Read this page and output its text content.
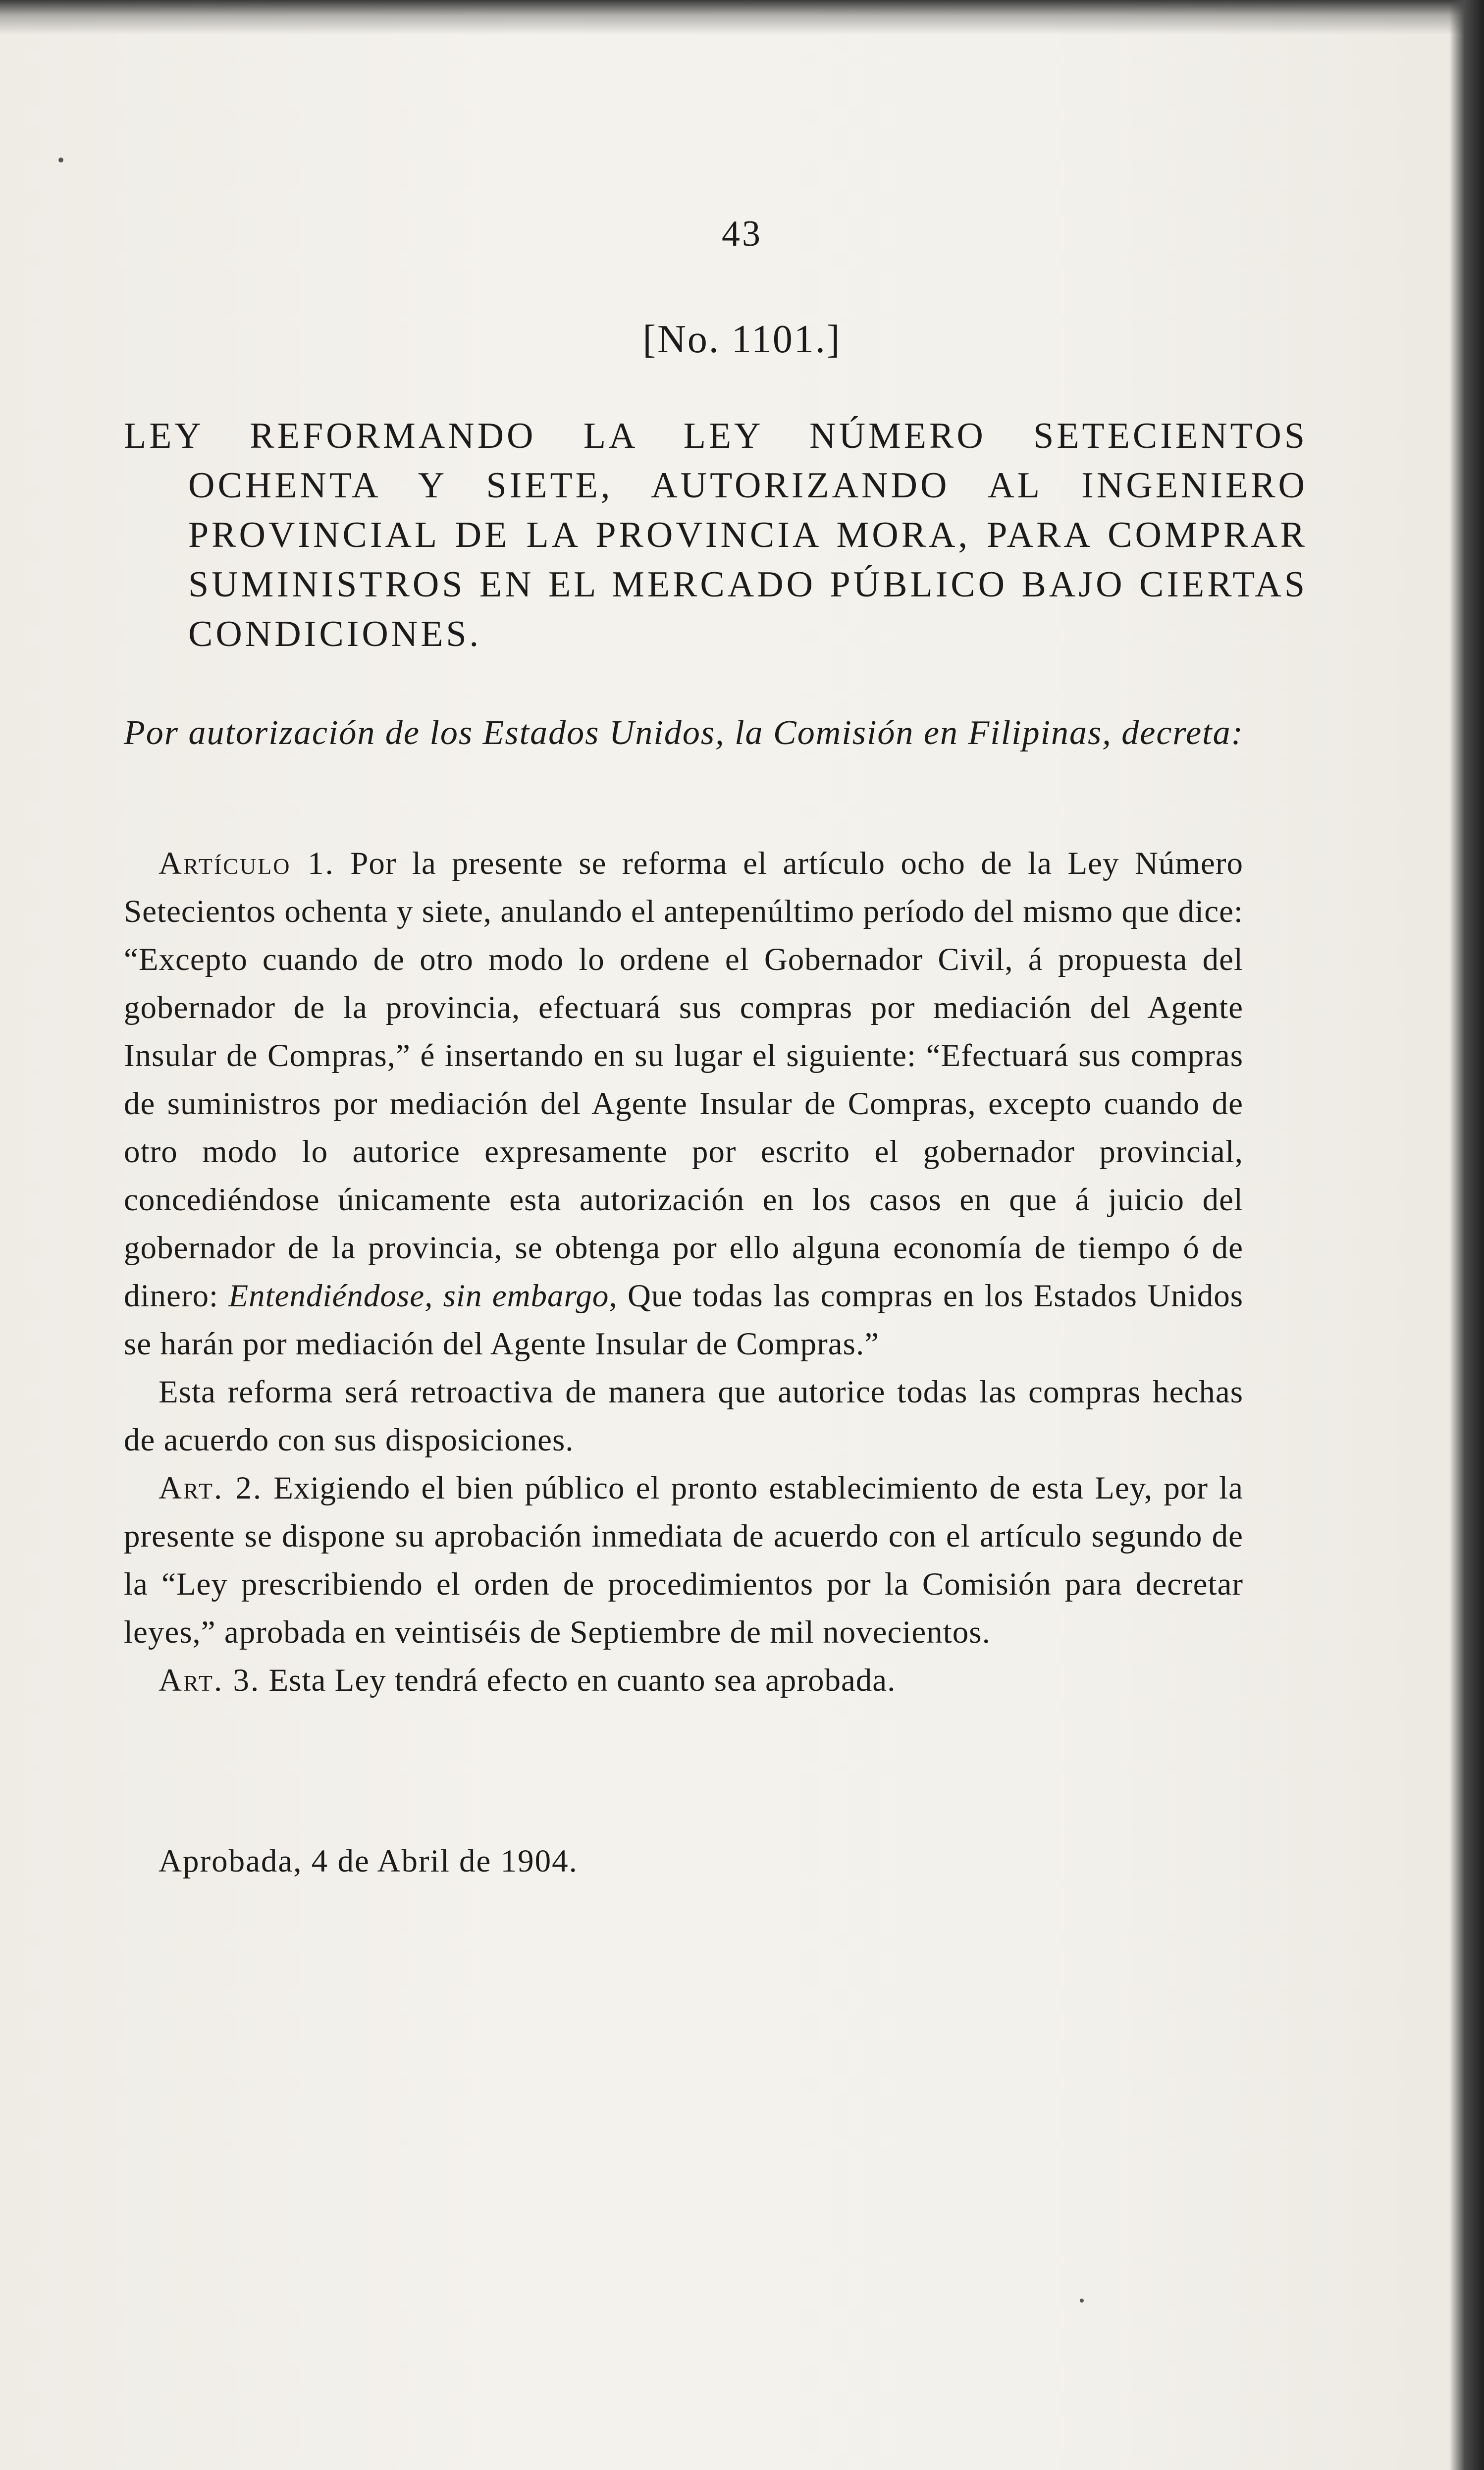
43
[No. 1101.]
LEY REFORMANDO LA LEY NÚMERO SETECIENTOS OCHENTA Y SIETE, AUTORIZANDO AL INGENIERO PROVINCIAL DE LA PROVINCIA MORA, PARA COMPRAR SUMINISTROS EN EL MERCADO PÚBLICO BAJO CIERTAS CONDICIONES.
Por autorización de los Estados Unidos, la Comisión en Filipinas, decreta:

Artículo 1. Por la presente se reforma el artículo ocho de la Ley Número Setecientos ochenta y siete, anulando el antepenúltimo período del mismo que dice: “Excepto cuando de otro modo lo ordene el Gobernador Civil, á propuesta del gobernador de la provincia, efectuará sus compras por mediación del Agente Insular de Compras,” é insertando en su lugar el siguiente: “Efectuará sus compras de suministros por mediación del Agente Insular de Compras, excepto cuando de otro modo lo autorice expresamente por escrito el gobernador provincial, concediéndose únicamente esta autorización en los casos en que á juicio del gobernador de la provincia, se obtenga por ello alguna economía de tiempo ó de dinero: Entendiéndose, sin embargo, Que todas las compras en los Estados Unidos se harán por mediación del Agente Insular de Compras.”

Esta reforma será retroactiva de manera que autorice todas las compras hechas de acuerdo con sus disposiciones.

Art. 2. Exigiendo el bien público el pronto establecimiento de esta Ley, por la presente se dispone su aprobación inmediata de acuerdo con el artículo segundo de la “Ley prescribiendo el orden de procedimientos por la Comisión para decretar leyes,” aprobada en veintiséis de Septiembre de mil novecientos.

Art. 3. Esta Ley tendrá efecto en cuanto sea aprobada.

Aprobada, 4 de Abril de 1904.
